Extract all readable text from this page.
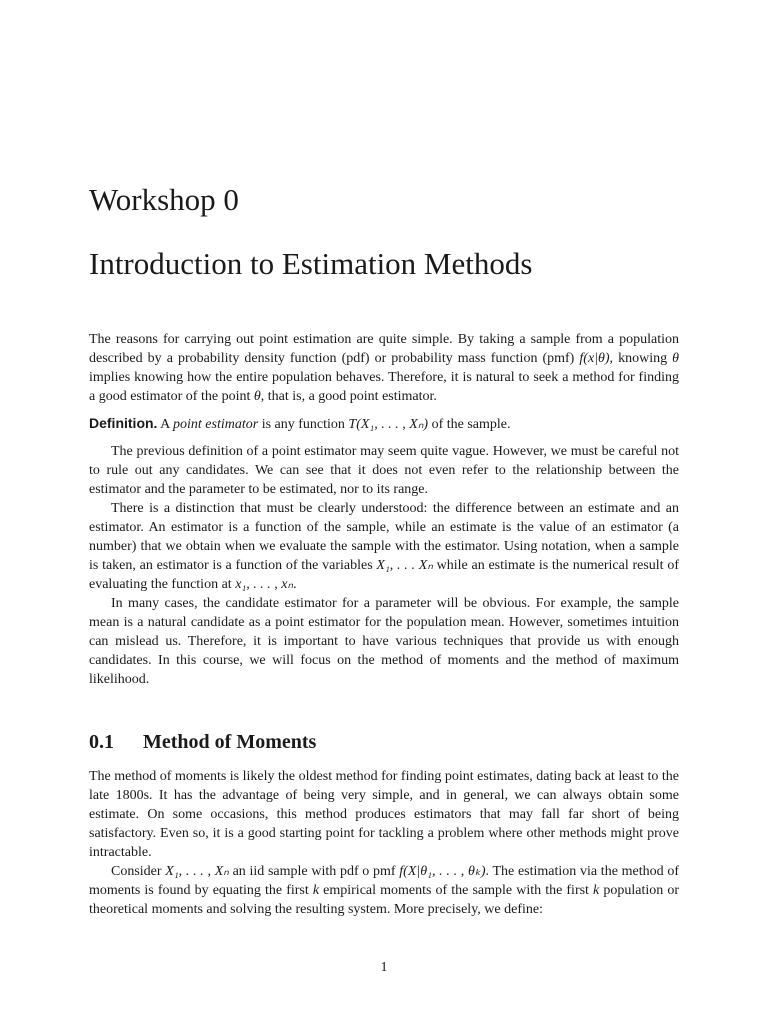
Workshop 0
Introduction to Estimation Methods

The reasons for carrying out point estimation are quite simple. By taking a sample from a population described by a probability density function (pdf) or probability mass function (pmf) f(x|θ), knowing θ implies knowing how the entire population behaves. Therefore, it is natural to seek a method for finding a good estimator of the point θ, that is, a good point estimator.

Definition. A point estimator is any function T(X₁, . . . , Xₙ) of the sample.

The previous definition of a point estimator may seem quite vague. However, we must be careful not to rule out any candidates. We can see that it does not even refer to the relationship between the estimator and the parameter to be estimated, nor to its range.

There is a distinction that must be clearly understood: the difference between an estimate and an estimator. An estimator is a function of the sample, while an estimate is the value of an estimator (a number) that we obtain when we evaluate the sample with the estimator. Using notation, when a sample is taken, an estimator is a function of the variables X₁, . . . Xₙ while an estimate is the numerical result of evaluating the function at x₁, . . . , xₙ.

In many cases, the candidate estimator for a parameter will be obvious. For example, the sample mean is a natural candidate as a point estimator for the population mean. However, sometimes intuition can mislead us. Therefore, it is important to have various techniques that provide us with enough candidates. In this course, we will focus on the method of moments and the method of maximum likelihood.

0.1 Method of Moments

The method of moments is likely the oldest method for finding point estimates, dating back at least to the late 1800s. It has the advantage of being very simple, and in general, we can always obtain some estimate. On some occasions, this method produces estimators that may fall far short of being satisfactory. Even so, it is a good starting point for tackling a problem where other methods might prove intractable.

Consider X₁, . . . , Xₙ an iid sample with pdf o pmf f(X|θ₁, . . . , θₖ). The estimation via the method of moments is found by equating the first k empirical moments of the sample with the first k population or theoretical moments and solving the resulting system. More precisely, we define:

1
